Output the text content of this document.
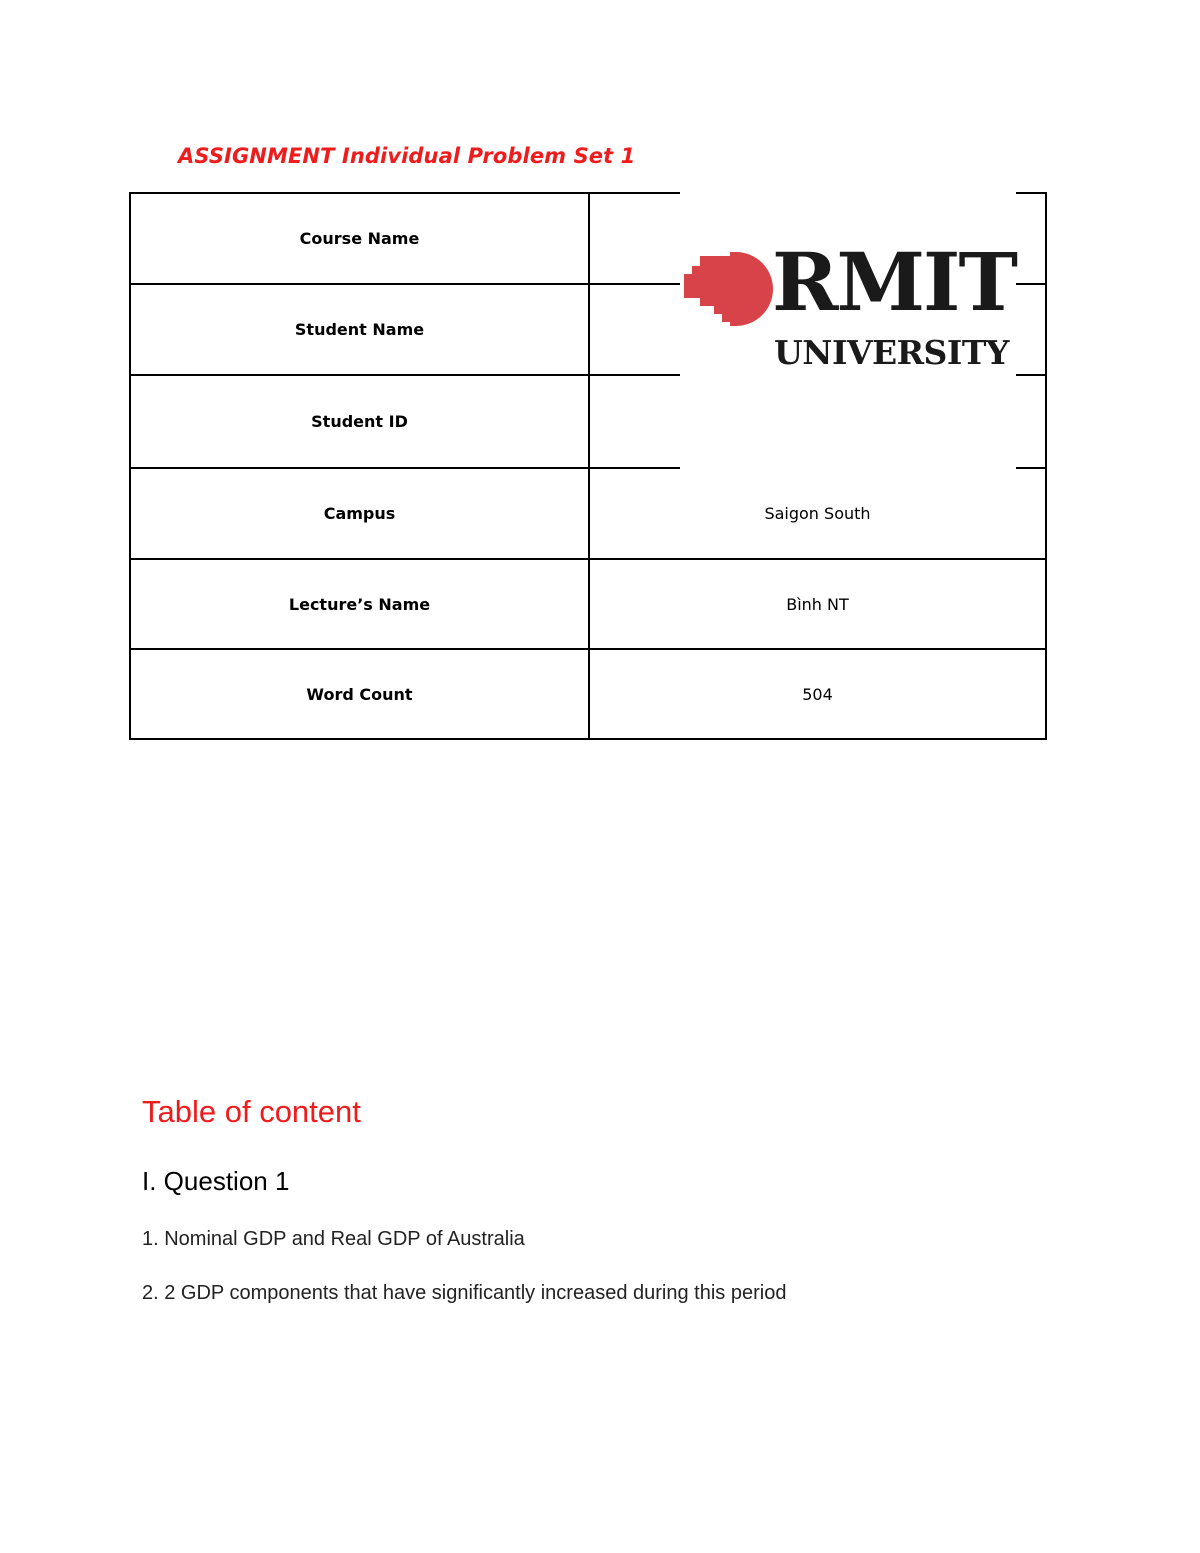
ASSIGNMENT Individual Problem Set 1
Course Name	
Student Name	
Student ID	
Campus	Saigon South
Lecture’s Name	Bình NT
Word Count	504
RMIT
UNIVERSITY
Table of content
I. Question 1
1. Nominal GDP and Real GDP of Australia
2. 2 GDP components that have significantly increased during this period
